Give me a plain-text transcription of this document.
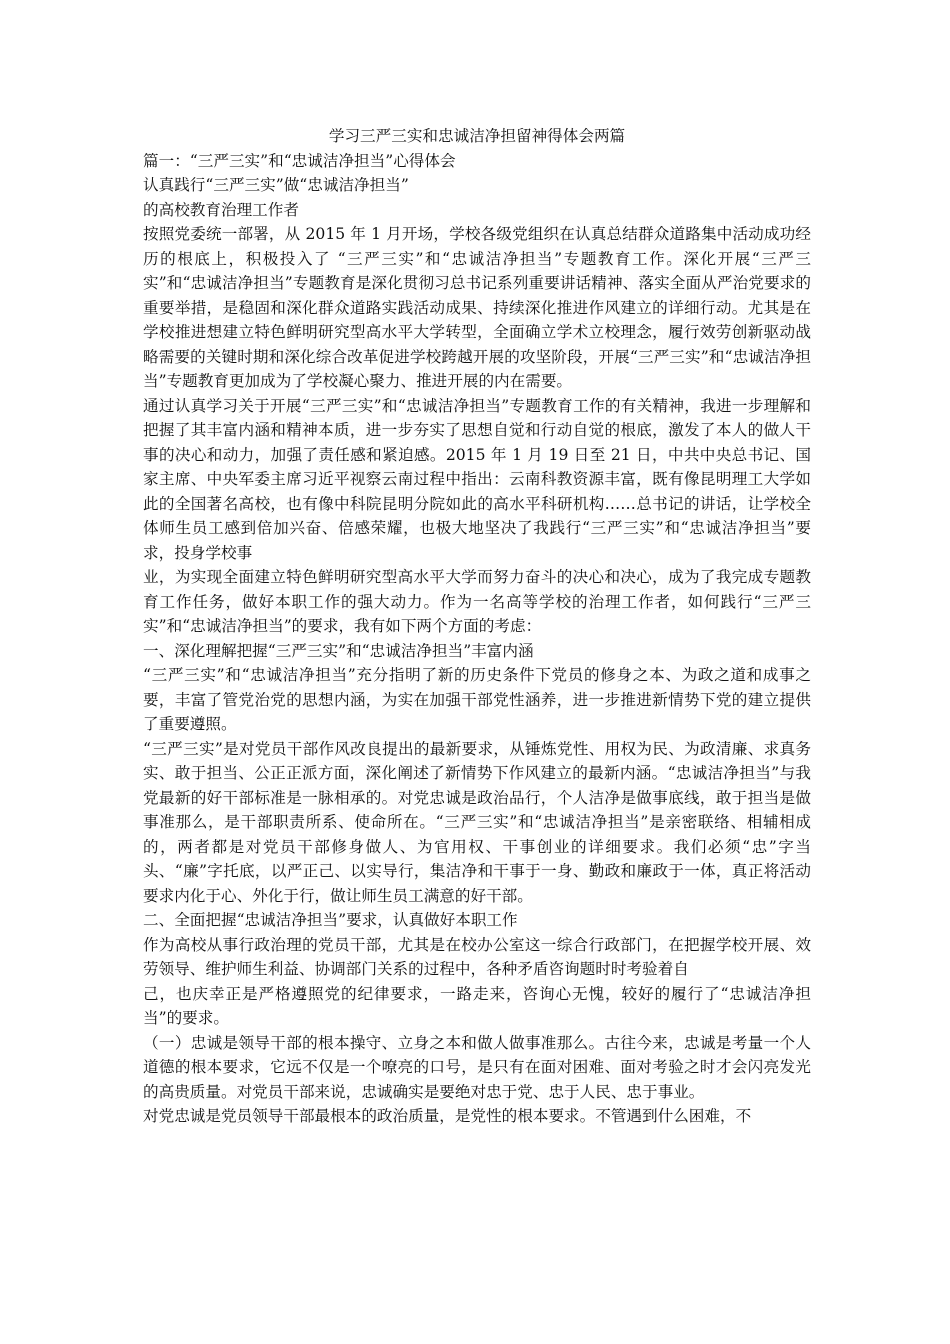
学习三严三实和忠诚洁净担留神得体会两篇

篇一：“三严三实”和“忠诚洁净担当”心得体会

认真践行“三严三实”做“忠诚洁净担当”

的高校教育治理工作者

按照党委统一部署，从 2015 年 1 月开场，学校各级党组织在认真总结群众道路集中活动成功经历的根底上，积极投入了 “三严三实”和“忠诚洁净担当”专题教育工作。深化开展“三严三实”和“忠诚洁净担当”专题教育是深化贯彻习总书记系列重要讲话精神、落实全面从严治党要求的重要举措，是稳固和深化群众道路实践活动成果、持续深化推进作风建立的详细行动。尤其是在学校推进想建立特色鲜明研究型高水平大学转型，全面确立学术立校理念，履行效劳创新驱动战略需要的关键时期和深化综合改革促进学校跨越开展的攻坚阶段，开展“三严三实”和“忠诚洁净担当”专题教育更加成为了学校凝心聚力、推进开展的内在需要。

通过认真学习关于开展“三严三实”和“忠诚洁净担当”专题教育工作的有关精神，我进一步理解和把握了其丰富内涵和精神本质，进一步夯实了思想自觉和行动自觉的根底，激发了本人的做人干事的决心和动力，加强了责任感和紧迫感。2015 年 1 月 19 日至 21 日，中共中央总书记、国家主席、中央军委主席习近平视察云南过程中指出：云南科教资源丰富，既有像昆明理工大学如此的全国著名高校，也有像中科院昆明分院如此的高水平科研机构……总书记的讲话，让学校全体师生员工感到倍加兴奋、倍感荣耀，也极大地坚决了我践行“三严三实”和“忠诚洁净担当”要求，投身学校事

业，为实现全面建立特色鲜明研究型高水平大学而努力奋斗的决心和决心，成为了我完成专题教育工作任务，做好本职工作的强大动力。作为一名高等学校的治理工作者，如何践行“三严三实”和“忠诚洁净担当”的要求，我有如下两个方面的考虑：

一、深化理解把握“三严三实”和“忠诚洁净担当”丰富内涵

“三严三实”和“忠诚洁净担当”充分指明了新的历史条件下党员的修身之本、为政之道和成事之要，丰富了管党治党的思想内涵，为实在加强干部党性涵养，进一步推进新情势下党的建立提供了重要遵照。

“三严三实”是对党员干部作风改良提出的最新要求，从锤炼党性、用权为民、为政清廉、求真务实、敢于担当、公正正派方面，深化阐述了新情势下作风建立的最新内涵。“忠诚洁净担当”与我党最新的好干部标准是一脉相承的。对党忠诚是政治品行，个人洁净是做事底线，敢于担当是做事准那么，是干部职责所系、使命所在。“三严三实”和“忠诚洁净担当”是亲密联络、相辅相成的，两者都是对党员干部修身做人、为官用权、干事创业的详细要求。我们必须“忠”字当头、“廉”字托底，以严正己、以实导行，集洁净和干事于一身、勤政和廉政于一体，真正将活动要求内化于心、外化于行，做让师生员工满意的好干部。

二、全面把握“忠诚洁净担当”要求，认真做好本职工作

作为高校从事行政治理的党员干部，尤其是在校办公室这一综合行政部门，在把握学校开展、效劳领导、维护师生利益、协调部门关系的过程中，各种矛盾咨询题时时考验着自

己，也庆幸正是严格遵照党的纪律要求，一路走来，咨询心无愧，较好的履行了“忠诚洁净担当”的要求。

（一）忠诚是领导干部的根本操守、立身之本和做人做事准那么。古往今来，忠诚是考量一个人道德的根本要求，它远不仅是一个嘹亮的口号，是只有在面对困难、面对考验之时才会闪亮发光的高贵质量。对党员干部来说，忠诚确实是要绝对忠于党、忠于人民、忠于事业。

对党忠诚是党员领导干部最根本的政治质量，是党性的根本要求。不管遇到什么困难，不
